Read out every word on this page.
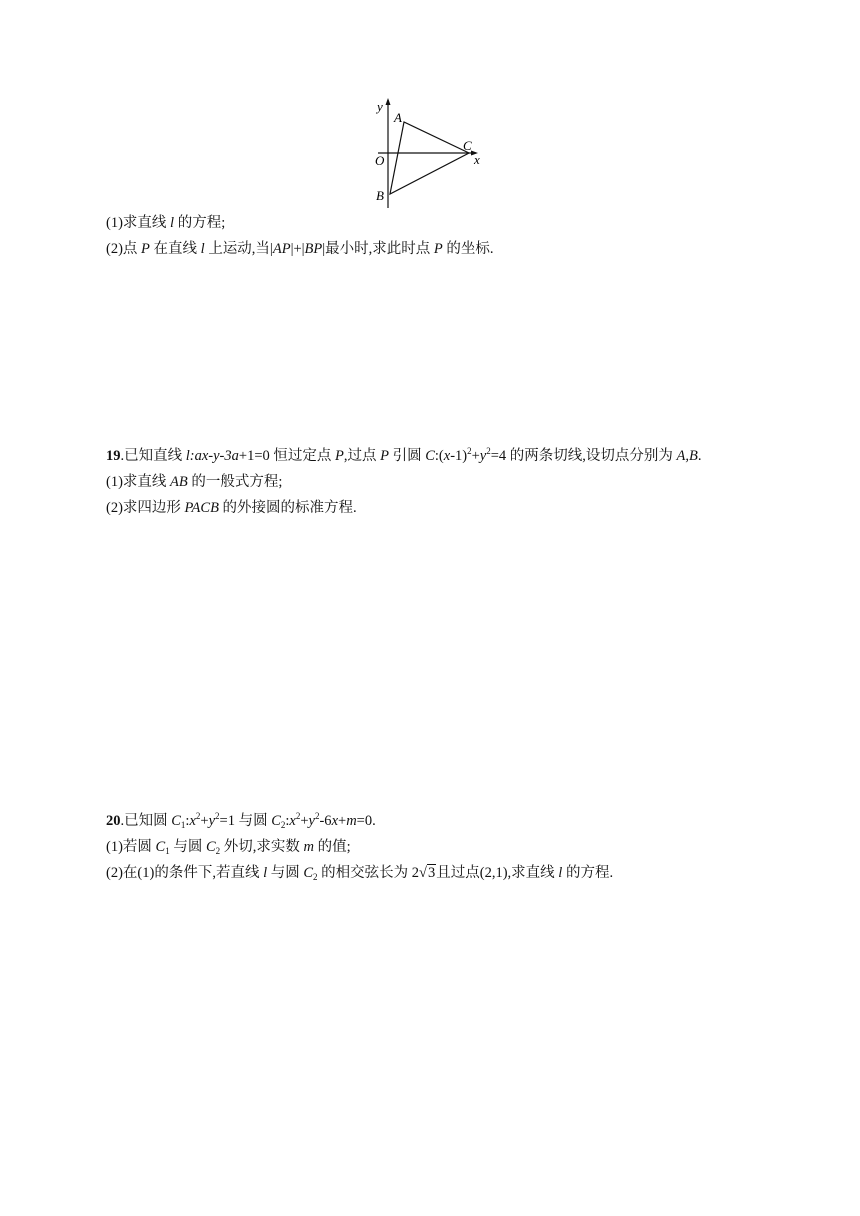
y
x
O
A
B
C
(1)求直线 l 的方程;
(2)点 P 在直线 l 上运动,当|AP|+|BP|最小时,求此时点 P 的坐标.
19.已知直线 l:ax-y-3a+1=0 恒过定点 P,过点 P 引圆 $C:(x-1)^2+y^2=4$ 的两条切线,设切点分别为 A,B.
(1)求直线 AB 的一般式方程;
(2)求四边形 PACB 的外接圆的标准方程.
20.已知圆 $C_1:x^2+y^2=1$ 与圆 $C_2:x^2+y^2-6x+m=0$.
(1)若圆 $C_1$ 与圆 $C_2$ 外切,求实数 m 的值;
(2)在(1)的条件下,若直线 l 与圆 $C_2$ 的相交弦长为 2√3且过点(2,1),求直线 l 的方程.
